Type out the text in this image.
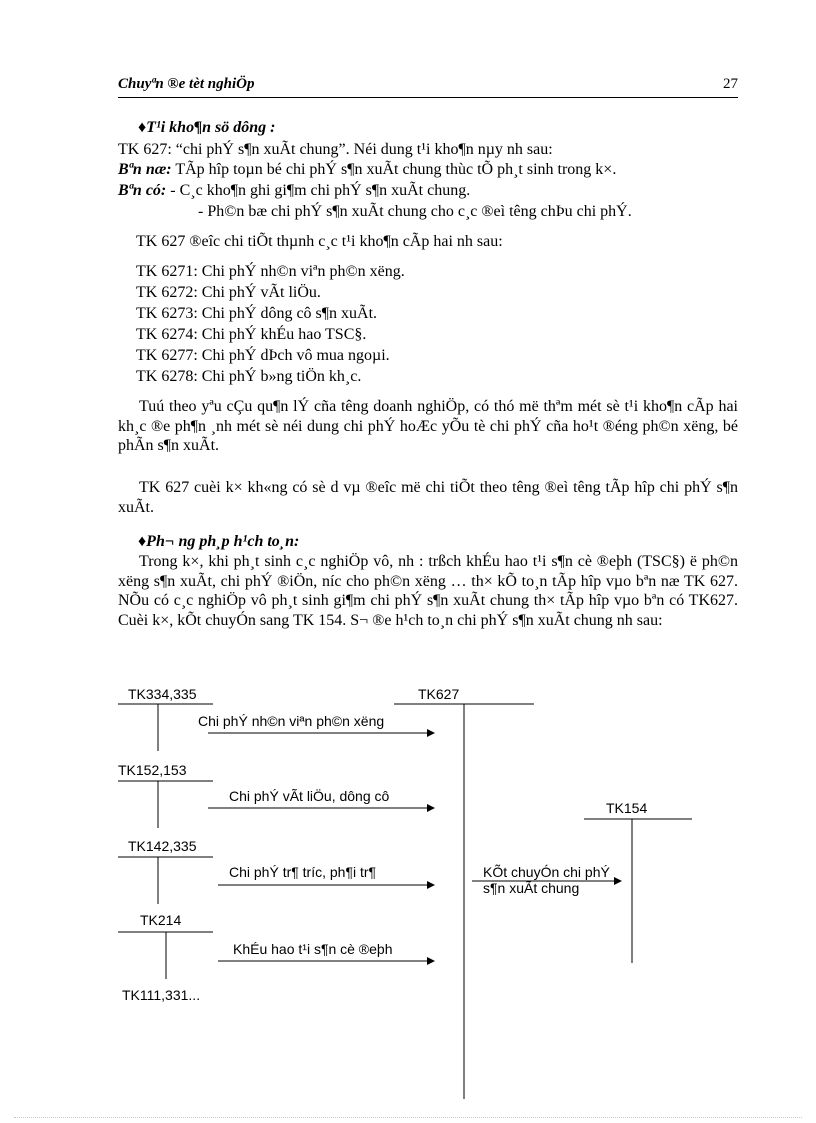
Chuyªn ®e tèt nghiÖp	27
♦T¹i kho¶n sö dông :
TK 627: “chi phÝ s¶n xuÃt chung”. Néi dung t¹i kho¶n nµy nh sau:
Bªn næ: TÃp hîp toµn bé chi phÝ s¶n xuÃt chung thùc tÕ ph¸t sinh trong k×.
Bªn có: - C¸c kho¶n ghi gi¶m chi phÝ s¶n xuÃt chung.
- Ph©n bæ chi phÝ s¶n xuÃt chung cho c¸c ®eì têng chÞu chi phÝ.
TK 627 ®eîc chi tiÕt thµnh c¸c t¹i kho¶n cÃp hai nh sau:
TK 6271: Chi phÝ nh©n viªn ph©n xëng.
TK 6272: Chi phÝ vÃt liÖu.
TK 6273: Chi phÝ dông cô s¶n xuÃt.
TK 6274: Chi phÝ khÉu hao TSC§.
TK 6277: Chi phÝ dÞch vô mua ngoµi.
TK 6278: Chi phÝ b»ng tiÖn kh¸c.
Tuú theo yªu cÇu qu¶n lÝ cña têng doanh nghiÖp, có thó më thªm mét sè t¹i kho¶n cÃp hai kh¸c ®e ph¶n ¸nh mét sè néi dung chi phÝ hoÆc yÕu tè chi phÝ cña ho¹t ®éng ph©n xëng, bé phÃn s¶n xuÃt.
TK 627 cuèi k× kh«ng có sè d vµ ®eîc më chi tiÕt theo têng ®eì têng tÃp hîp chi phÝ s¶n xuÃt.
♦Ph¬ ng ph¸p h¹ch to¸n:
Trong k×, khi ph¸t sinh c¸c nghiÖp vô, nh : trßch khÉu hao t¹i s¶n cè ®eþh (TSC§) ë ph©n xëng s¶n xuÃt, chi phÝ ®iÖn, níc cho ph©n xëng … th× kÕ to¸n tÃp hîp vµo bªn næ TK 627. NÕu có c¸c nghiÖp vô ph¸t sinh gi¶m chi phÝ s¶n xuÃt chung th× tÃp hîp vµo bªn có TK627. Cuèi k×, kÕt chuyÓn sang TK 154. S¬ ®e h¹ch to¸n chi phÝ s¶n xuÃt chung nh sau:
TK334,335	TK627
Chi phÝ nh©n viªn ph©n xëng
TK152,153
Chi phÝ vÃt liÖu, dông cô
TK154
TK142,335
Chi phÝ tr¶ tríc, ph¶i tr¶	KÕt chuyÓn chi phÝ s¶n xuÃt chung
TK214
KhÉu hao t¹i s¶n cè ®eþh
TK111,331...
